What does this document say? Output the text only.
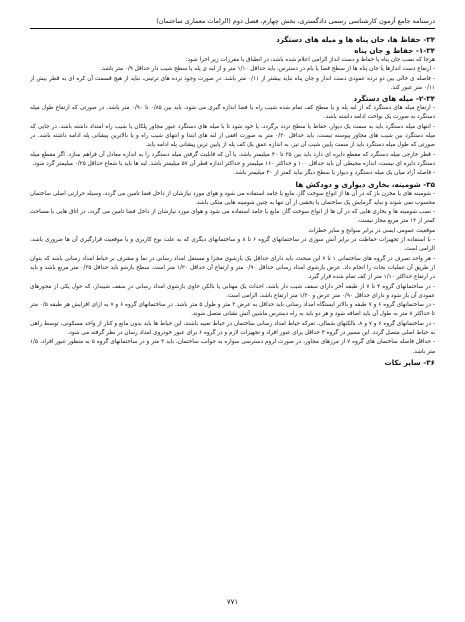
درسنامه جامع آزمون کارشناسی رسمی دادگستری، بخش چهارم، فصل دوم (الزامات معماری ساختمان)

۳۴- حفاظ ها، جان پناه ها و میله های دستگرد

۱-۳۴- حفاظ و جان پناه

هرجا که نصب جان پناه یا حفاظ و دست انداز الزامی اعلام شده باشد، در انطباق با مقررات زیر اجرا شود:

- ارتفاع دست اندازها یا جان پناه ها از سطح فضا یا بام در دسترس، باید حداقل ۱/۱۰ متر و از لبه ی پله یا سطح شیب دار حداقل ۰/۹ متر باشد.

- فاصله ی خالی بین دو نرده عمودی دست انداز و جان پناه نباید بیشتر از ۰/۱۱ متر باشد. در صورت وجود نرده های ترئینی، نباید از هیچ قسمت آن کره ای به قطر بیش از ۰/۱۱ متر عبور کند.

۲-۳۴- میله های دستگرد

- ارتفاع میله های دستگرد که از لبه پله و یا سطح کف تمام شده شیب راه یا فضا اندازه گیری می شود، باید بین ۰/۸۵ تا ۰/۹۰ متر باشد. در صورتی که ارتفاع طول میله دستگرد به صورت یک نواخت ادامه داشته باشد.

- انتهای میله دستگرد باید به سمت یک دیوار، حفاظ یا سطح تردد برگردد، یا خود شود تا با میله های دستگرد عبور مجاور پلکان یا شیب راه امتداد داشته باشد. در جایی که میله دستگرد بین شیب های مجاور پیوسته نیست، باید حداقل ۰/۳۰ متر به صورت افقی از لبه های ابتدا و انتهای شیب راه و یا بالاترین پیشانی پله ادامه داشته باشد. در صورتی که طول میله دستگرد باید از سمت پایین شیب آن نیز، به اندازه عمق یک کف پله از پایین ترین پیشانی پله ادامه یابد.

- قطر خارجی میله دستگرد که مقطع دایره ای دارد باید بین ۳۵ تا ۴۰ میلیمتر باشد. یا آن که قابلیت گرفتن میله دستگرد را به اندازه معادل آن فراهم سازد. اگر مقطع میله دستگرد دایره ای نیست، اندازه محیطی آن باید حداقل ۱۰۰ و حداکثر ۱۶۰ میلیمتر و حداکثر اندازه قطر آن ۵۷ میلیمتر باشد. لبه ها باید با شعاع حداقل ۰/۲۵ میلیمتر گرد شود.

- فاصله آزاد میان یک میله دستگرد و دیوار یا سطح دیگر نباید کمتر از ۴۰ میلیمتر باشد.

۳۵- شومینه، بخاری دیواری و دودکش ها

- شومینه های یا مخزن باز که در آن ها از انواع سوخت گاز، مایع یا جامد استفاده می شود و هوای مورد نیازشان از داخل فضا تامین می گردد، وسیله حرارتی اصلی ساختمان محسوب نمی شوند و نباید گرمایش یک ساختمان یا بخشی از آن تنها به چنین شومینه هایی متکی باشد.

- نصب شومینه ها و بخاری هایی که در آن ها از انواع سوخت گاز، مایع یا جامد استفاده می شود و هوای مورد نیازشان از داخل فضا تامین می گردد، در اتاق هایی با مساحت کمتر از ۱۲ متر مربع مجاز نیست.

موقعیت عمومی ایمنی در برابر سوانح و سایر خطرات

- با استفاده از تجهیزات حفاظت در برابر آتش سوزی در ساختمانهای گروه ۶ تا ۸ و ساختمانهای دیگری که به علت نوع کاربری و یا موقعیت قرارگیری آن ها ضروری باشد، الزامی است.

- هر واحد تصرف در گروه های ساختمانی ۱ تا ۷ این مبحث، باید دارای حداقل یک بازشوی مجزا و مستقل امداد رسانی در نما و مشرف بر حیاط امداد رسانی باشد که بتوان از طریق آن عملیات نجات را انجام داد. عرض بازشوی امداد رسانی حداقل ۰/۹۰ متر و ارتفاع آن حداقل ۱/۲۰ متر است. سطح بازشو باید حداقل ۰/۳۵ متر مربع باشد و باید در ارتفاع حداکثر ۱/۱۰ متر از کف تمام شده قرار گیرد.

- در ساختمانهای گروه ۴ تا ۷ از طبقه آخر دارای سقف شیب دار باشد، احداث یک مهتابی یا بالکن حاوی بازشوی امداد رسانی در سقف شیبدار، که حول یکی از محورهای عمودی آن باز شود و دارای حداقل ۰/۹۰ متر عرض و ۱/۳۰ متر ارتفاع باشد، الزامی است.

- در ساختمانهای گروه ۶ و ۷ طبقه و بالاتر ایستگاه امداد رسانی باید حداقل به عرض ۳ متر و طول ۵ متر باشد. در ساختمانهای گروه ۶ و ۷ به ازای افزایش هر طبقه ۰/۵ متر تا حداکثر ۸ متر به طول آن باید اضافه شود و هر دو باید به راه دسترس ماشین آتش نشانی متصل شوند.

- در ساختمانهای گروه ۶ و ۷ و ۸، بالکنهای شمالی، تعرکه حیاط امداد رسانی ساختمان در حیاط تعبیه باشند، این حیاط ها باید بدون مانع و کنار از واحد مسکونی، توسط راهی به حیاط اصلی متصل گردد. این مسیر در گروه ۴ حداقل برای عبور افراد و تجهیزات لازم و در گروه ۶ برای عبور خودروی امداد رسان در نظر گرفته می شود.

- حداقل فاصله ساختمان های گروه ۷ از مرزهای مجاور، در صورت لزوم دسترسی سواره به جوانب ساختمان، باید ۳ متر و در ساختمانهای گروه ۵ به منظور عبور افراد، ۱/۵ متر باشد.

۳۶- سایر نکات

۷۷۱
